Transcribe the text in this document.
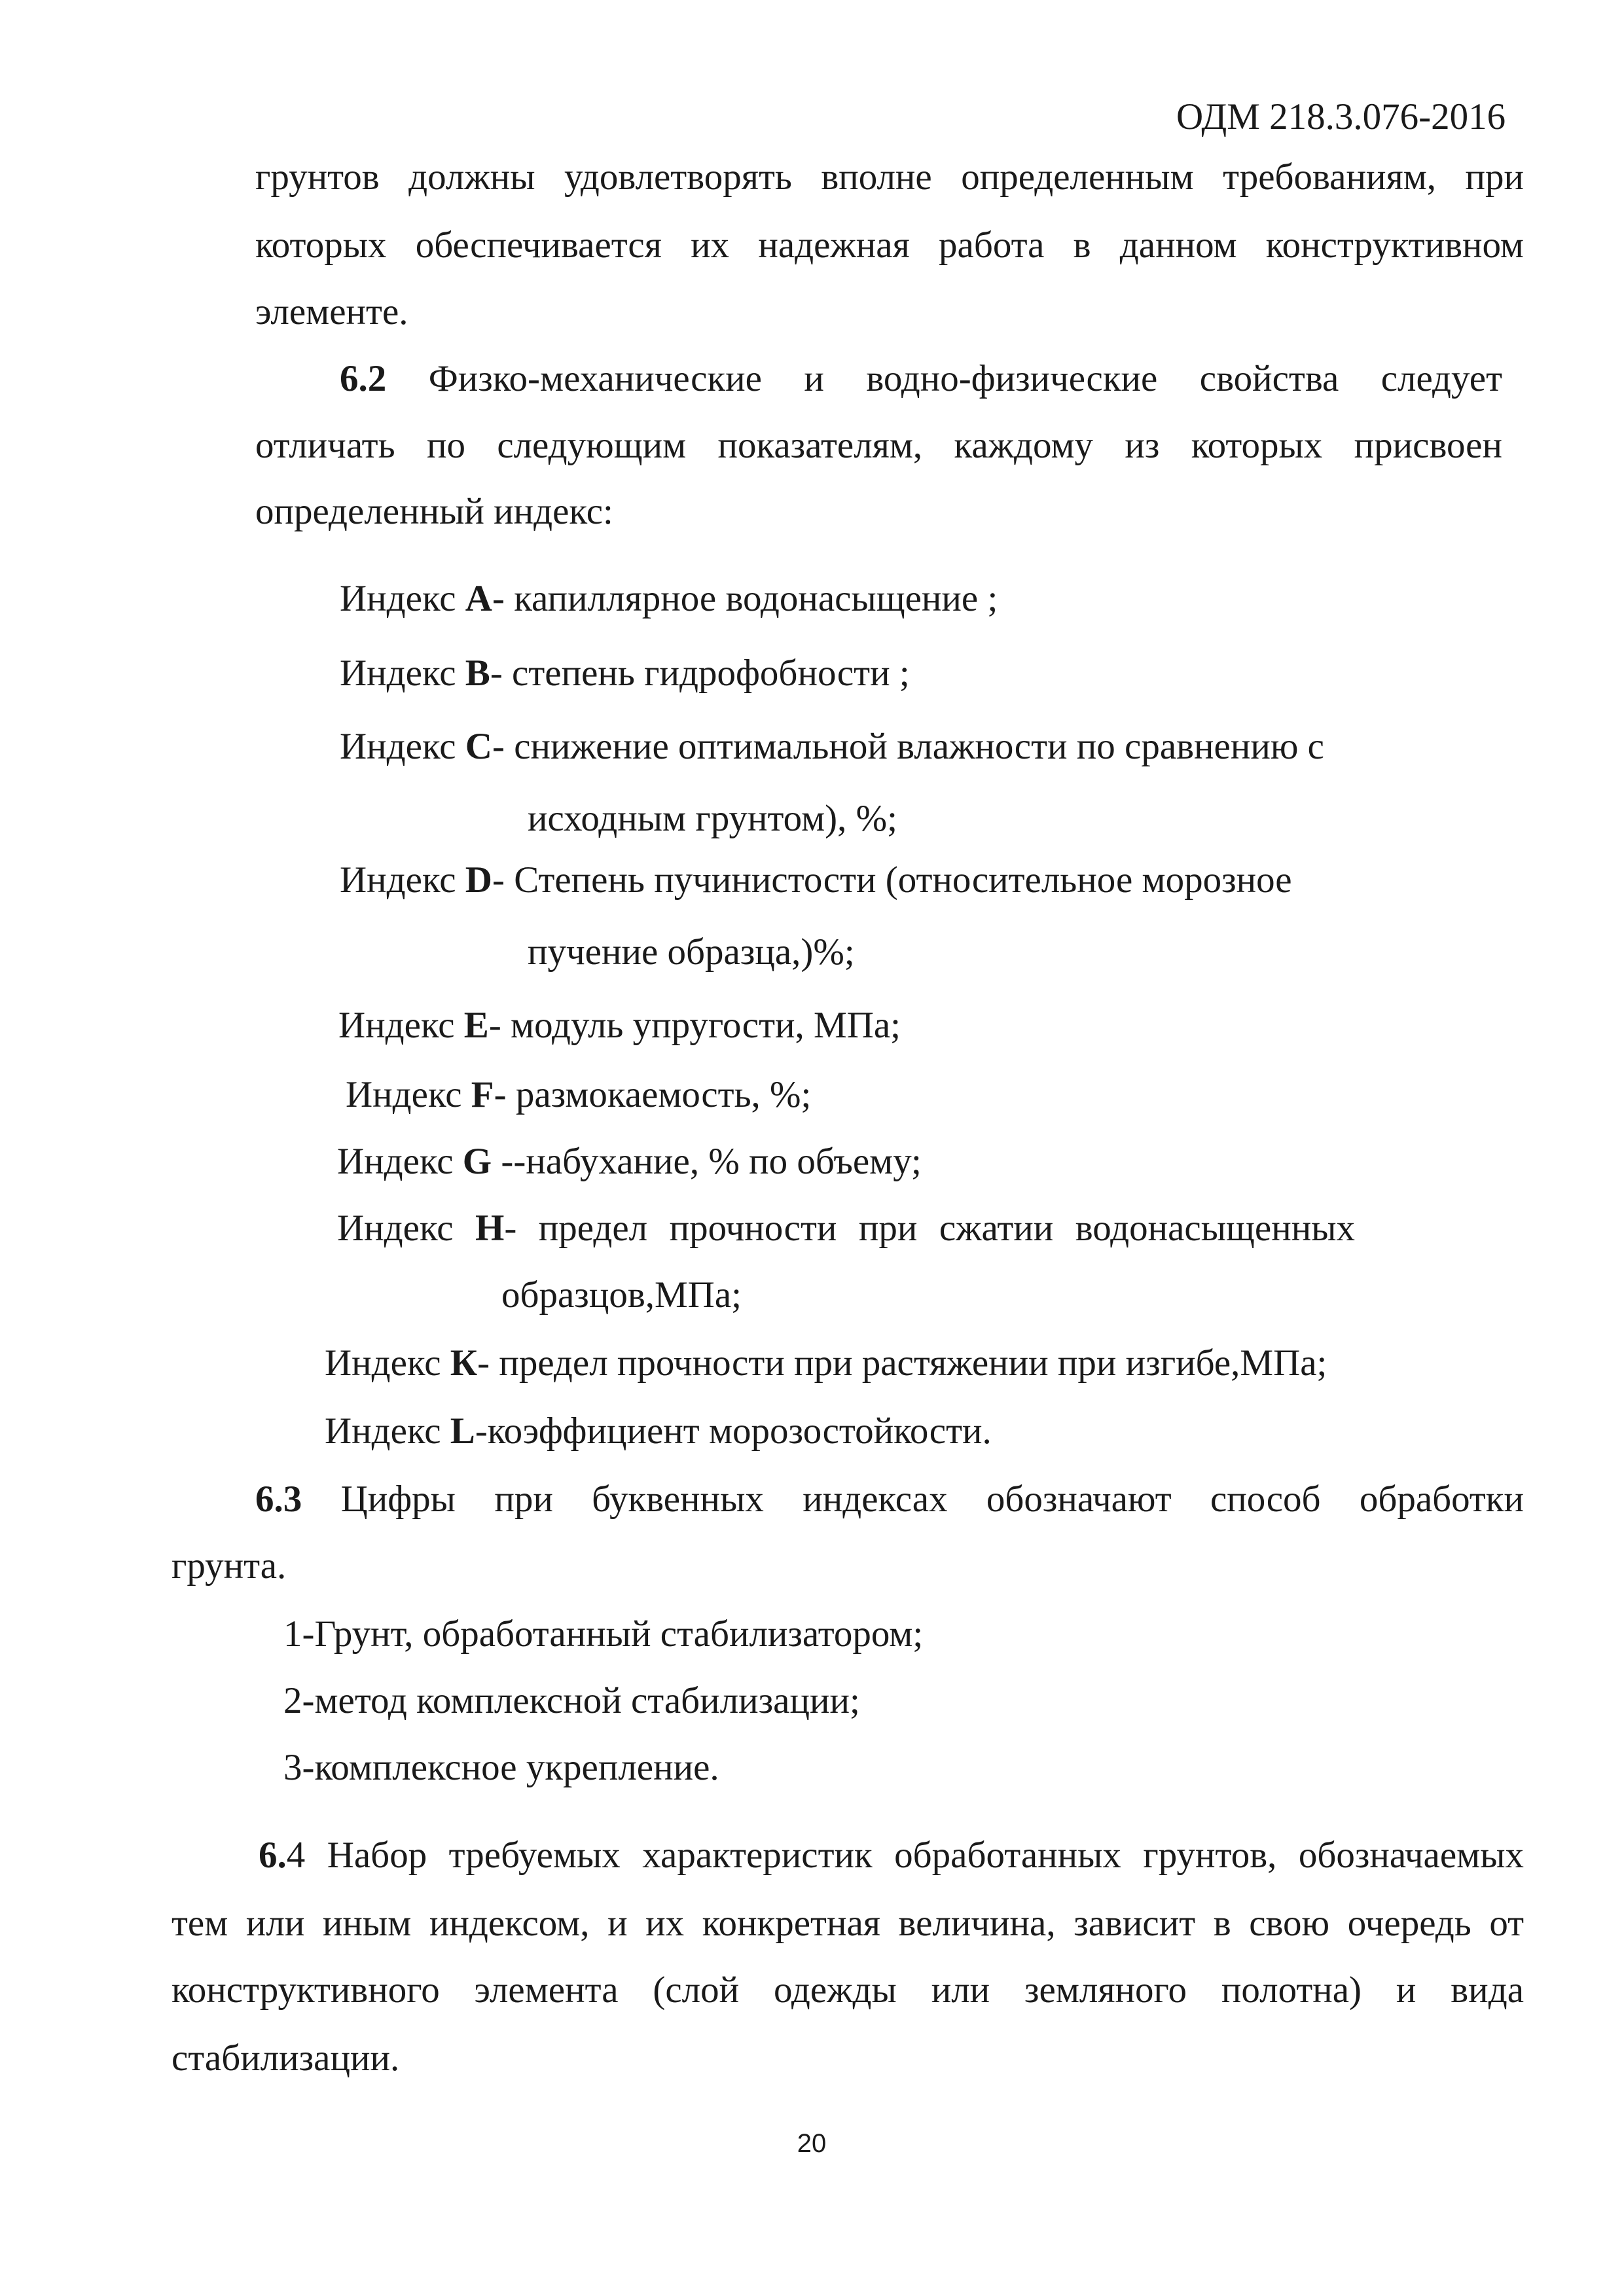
ОДМ 218.3.076-2016
грунтов должны удовлетворять вполне определенным требованиям, при
которых обеспечивается их надежная работа в данном конструктивном
элементе.
6.2 Физко-механические и водно-физические свойства следует
отличать по следующим показателям, каждому из которых присвоен
определенный индекс:
Индекс A- капиллярное водонасыщение ;
Индекс B- степень гидрофобности ;
Индекс C- снижение оптимальной влажности по сравнению с
исходным грунтом), %;
Индекс D- Степень пучинистости (относительное морозное
пучение образца,)%;
Индекс E- модуль упругости, МПа;
Индекс F- размокаемость, %;
Индекс G --набухание, % по объему;
Индекс H- предел прочности при сжатии водонасыщенных
образцов,МПа;
Индекс К- предел прочности при растяжении при изгибе,МПа;
Индекс L-коэффициент морозостойкости.
6.3 Цифры при буквенных индексах обозначают способ обработки
грунта.
1-Грунт, обработанный стабилизатором;
2-метод комплексной стабилизации;
3-комплексное укрепление.
6.4 Набор требуемых характеристик обработанных грунтов, обозначаемых
тем или иным индексом, и их конкретная величина, зависит в свою очередь от
конструктивного элемента (слой одежды или земляного полотна) и вида
стабилизации.
20
